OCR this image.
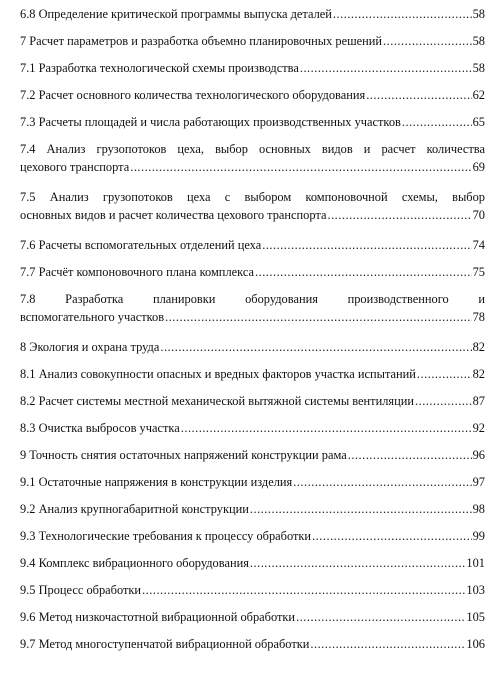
6.8 Определение критической программы выпуска деталей .....	58
7 Расчет параметров и разработка объемно планировочных решений .....	58
7.1 Разработка технологической схемы производства .....	58
7.2 Расчет основного количества технологического оборудования .....	62
7.3 Расчеты площадей и числа работающих производственных участков .....	65
7.4 Анализ грузопотоков цеха, выбор основных видов и расчет количества
цехового транспорта .....	69
7.5 Анализ грузопотоков цеха с выбором компоновочной схемы, выбор
основных видов и расчет количества цехового транспорта .....	70
7.6 Расчеты вспомогательных отделений цеха .....	74
7.7 Расчёт компоновочного плана комплекса .....	75
7.8 Разработка планировки оборудования производственного и
вспомогательного участков .....	78
8 Экология и охрана труда .....	82
8.1 Анализ совокупности опасных и вредных факторов участка испытаний .....	82
8.2 Расчет системы местной механической вытяжной системы вентиляции .....	87
8.3 Очистка выбросов участка .....	92
9 Точность снятия остаточных напряжений конструкции рама .....	96
9.1 Остаточные напряжения в конструкции изделия .....	97
9.2 Анализ крупногабаритной конструкции .....	98
9.3 Технологические требования к процессу обработки .....	99
9.4 Комплекс вибрационного оборудования .....	101
9.5 Процесс обработки .....	103
9.6 Метод низкочастотной вибрационной обработки .....	105
9.7 Метод многоступенчатой вибрационной обработки .....	106
